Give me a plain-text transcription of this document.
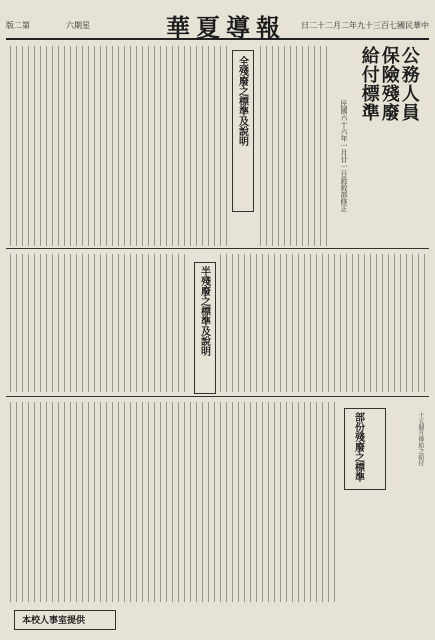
版二第	六期星	華夏導報 日二十二月二年九十三百七國民華中
公務人員
保險殘廢
給付標準
民國六十六年一月廿一日銓敘部修正
全殘廢之標準及說明
半殘廢之標準及說明
部份殘廢之標準	十五個月俸給之給付
本校人事室提供
